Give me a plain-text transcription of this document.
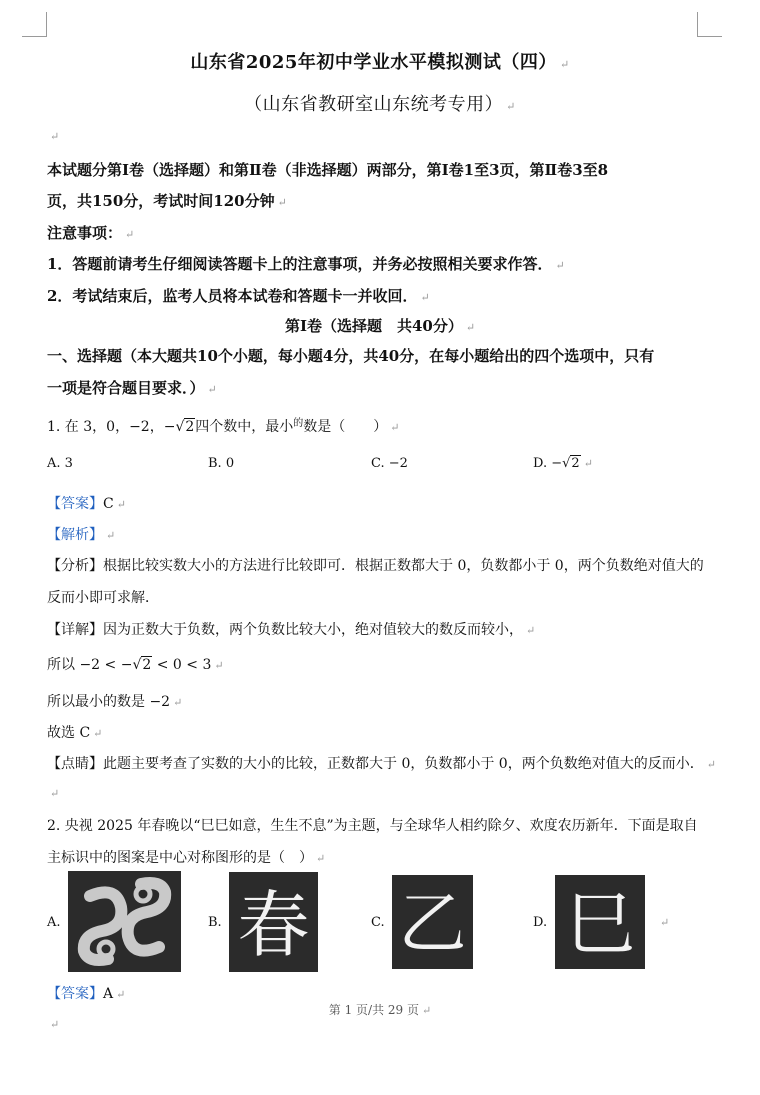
山东省2025年初中学业水平模拟测试（四） ↵
（山东省教研室山东统考专用） ↵
↵
本试题分第Ⅰ卷（选择题）和第Ⅱ卷（非选择题）两部分，第Ⅰ卷1至3页，第Ⅱ卷3至8
页，共150分，考试时间120分钟 ↵
注意事项： ↵
1．答题前请考生仔细阅读答题卡上的注意事项，并务必按照相关要求作答． ↵
2．考试结束后，监考人员将本试卷和答题卡一并收回． ↵
第Ⅰ卷（选择题　共40分） ↵
一、选择题（本大题共10个小题，每小题4分，共40分，在每小题给出的四个选项中，只有
一项是符合题目要求．） ↵
1. 在 3，0，−2，−√2四个数中，最小$^的$数是（　　） ↵
A. 3	B. 0	C. −2	D. −√2 ↵
【答案】C ↵
【解析】 ↵
【分析】根据比较实数大小的方法进行比较即可．根据正数都大于 0，负数都小于 0，两个负数绝对值大的
反而小即可求解．
【详解】因为正数大于负数，两个负数比较大小，绝对值较大的数反而较小， ↵
所以 −2 < −√2 < 0 < 3 ↵
所以最小的数是 −2 ↵
故选 C ↵
【点睛】此题主要考查了实数的大小的比较，正数都大于 0，负数都小于 0，两个负数绝对值大的反而小． ↵
↵
2. 央视 2025 年春晚以“巳巳如意，生生不息”为主题，与全球华人相约除夕、欢度农历新年．下面是取自
主标识中的图案是中心对称图形的是（　） ↵
A.	B. 春	C. 乙	D. 巳 ↵
【答案】A ↵
第 1 页/共 29 页 ↵
↵
